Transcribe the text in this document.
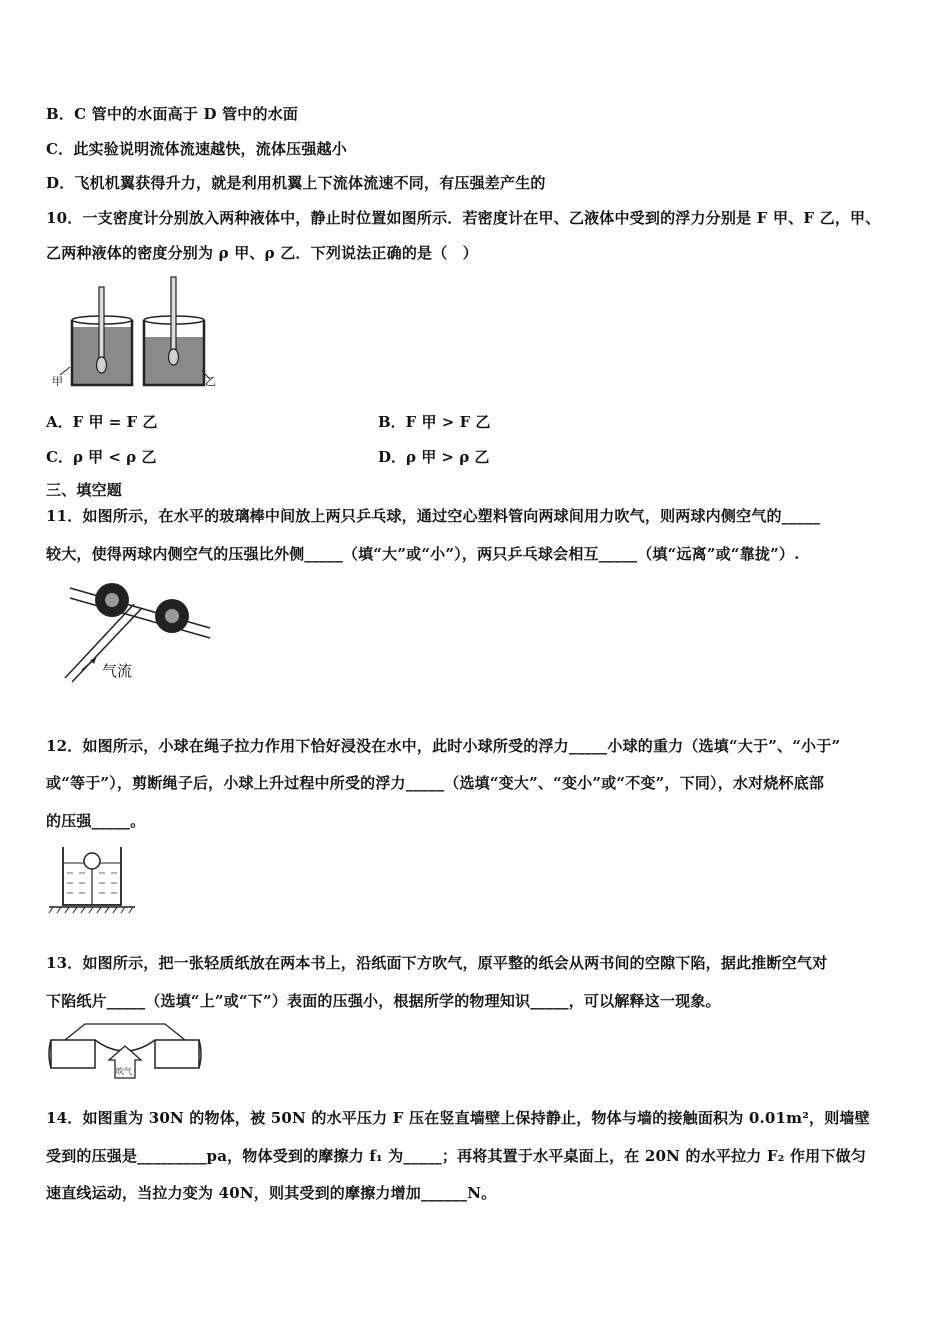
B．C 管中的水面高于 D 管中的水面
C．此实验说明流体流速越快，流体压强越小
D．飞机机翼获得升力，就是利用机翼上下流体流速不同，有压强差产生的
10．一支密度计分别放入两种液体中，静止时位置如图所示．若密度计在甲、乙液体中受到的浮力分别是 F 甲、F 乙，甲、
乙两种液体的密度分别为 ρ 甲、ρ 乙．下列说法正确的是（　）
甲	乙
A．F 甲 = F 乙	B．F 甲 > F 乙
C．ρ 甲 < ρ 乙	D．ρ 甲 > ρ 乙
三、填空题
11．如图所示，在水平的玻璃棒中间放上两只乒乓球，通过空心塑料管向两球间用力吹气，则两球内侧空气的_____
较大，使得两球内侧空气的压强比外侧_____（填“大”或“小”），两只乒乓球会相互_____（填“远离”或“靠拢”）.
气流
12．如图所示，小球在绳子拉力作用下恰好浸没在水中，此时小球所受的浮力_____小球的重力（选填“大于”、“小于”
或“等于”），剪断绳子后，小球上升过程中所受的浮力_____（选填“变大”、“变小”或“不变”，下同），水对烧杯底部
的压强_____。
13．如图所示，把一张轻质纸放在两本书上，沿纸面下方吹气，原平整的纸会从两书间的空隙下陷，据此推断空气对
下陷纸片_____（选填“上”或“下”）表面的压强小，根据所学的物理知识_____，可以解释这一现象。
吹气
14．如图重为 30N 的物体，被 50N 的水平压力 F 压在竖直墙壁上保持静止，物体与墙的接触面积为 0.01m²，则墙壁
受到的压强是_________pa，物体受到的摩擦力 f₁ 为_____；再将其置于水平桌面上，在 20N 的水平拉力 F₂ 作用下做匀
速直线运动，当拉力变为 40N，则其受到的摩擦力增加______N。
